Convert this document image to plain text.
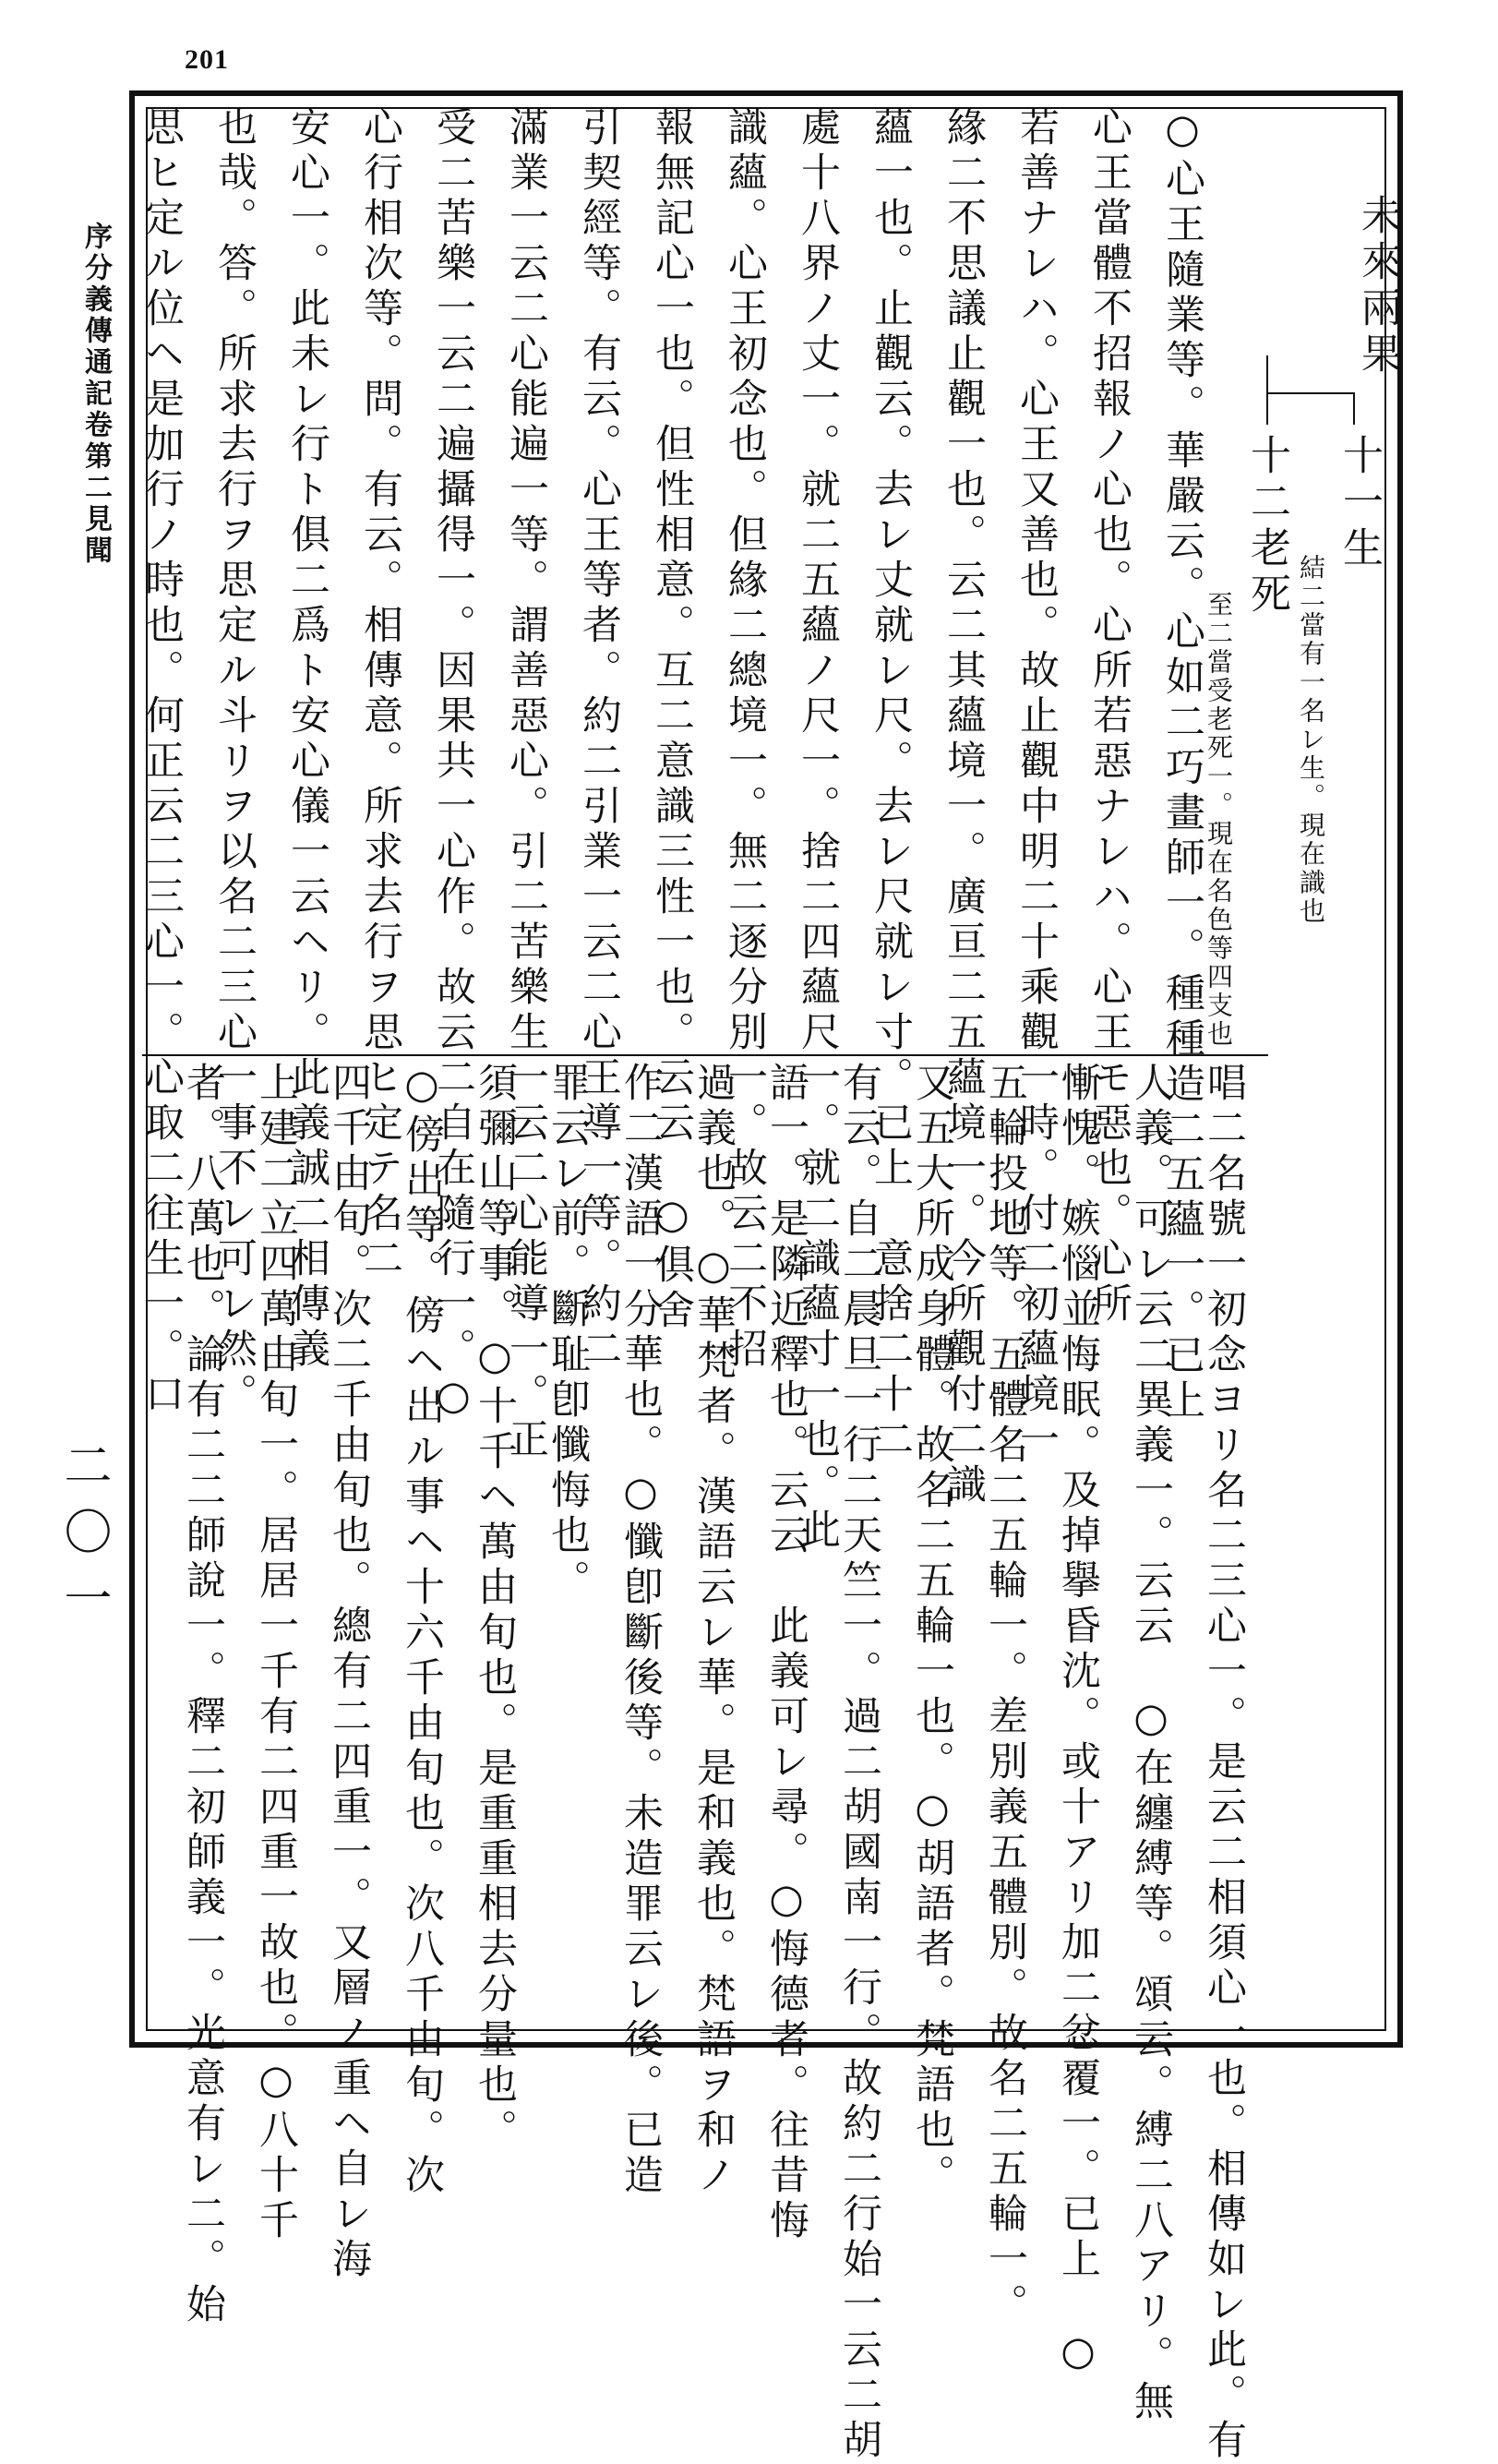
201
序分義傳通記卷第二見聞
二〇一
未來兩果
十一生
結二當有一名レ生。現在識也
十二老死
至二當受老死一。現在名色等四支也
○心王隨業等。華嚴云。心如二巧畫師一。種種造二五蘊一。已上
心王當體不招報ノ心也。心所若惡ナレハ。心王モ惡也。心所
若善ナレハ。心王又善也。故止觀中明二十乘觀一時。付二初蘊境一
緣二不思議止觀一也。云二其蘊境一。廣亘二五蘊境一。今所觀付二識
蘊一也。止觀云。去レ丈就レ尺。去レ尺就レ寸。已上　意捨二十二
處十八界ノ丈一。就二五蘊ノ尺一。捨二四蘊尺一。就二識蘊寸一也。此
識蘊。心王初念也。但緣二總境一。無二逐分別一。故云二不招
報無記心一也。但性相意。互二意識三性一也。云云　○俱舍
引契經等。有云。心王等者。約二引業一云二心王導一等。約二
滿業一云二心能遍一等。謂善惡心。引二苦樂生一云二心能導一。正
受二苦樂一云二遍攝得一。因果共一心作。故云二自在隨行一。○
心行相次等。問。有云。相傳意。所求去行ヲ思ヒ定テ名二
安心一。此未レ行ト俱二爲ト安心儀一云ヘリ。此義誠二相傳義
也哉。答。所求去行ヲ思定ル斗リヲ以名二三心一事不レ可レ然。
思ヒ定ル位ヘ是加行ノ時也。何正云二三心一。心取二往生一。口
唱二名號一初念ヨリ名二三心一。是云二相須心一也。相傳如レ此。有
人義。可レ云二異義一。云云　○在纏縛等。頌云。縛二八アリ。無
慚愧。嫉惱並悔眠。及掉擧昏沈。或十アリ加二忿覆一。已上　○
五輪投地等。五體名二五輪一。差別義五體別。故名二五輪一。
又五大所成身體。故名二五輪一也。○胡語者。梵語也。
有云。自二晨旦一行二天竺一。過二胡國南一行。故約二行始一云二胡
語一。是隣近釋也。云云　此義可レ尋。○悔德者。往昔悔
過義也。○華梵者。漢語云レ華。是和義也。梵語ヲ和ノ
作二漢語一分華也。○懺卽斷後等。未造罪云レ後。已造
罪云レ前。斷耻卽懺悔也。
須彌山等事。○十千ヘ萬由旬也。是重重相去分量也。
○傍出等。傍ヘ出ル事ヘ十六千由旬也。次八千由旬。次
四千由旬。次二千由旬也。總有二四重一。又層ノ重ヘ自レ海
上建二立四萬由旬一。居居一千有二四重一故也。○八十千
者。八萬也。論有二二師說一。釋二初師義一。光意有レ二。始
